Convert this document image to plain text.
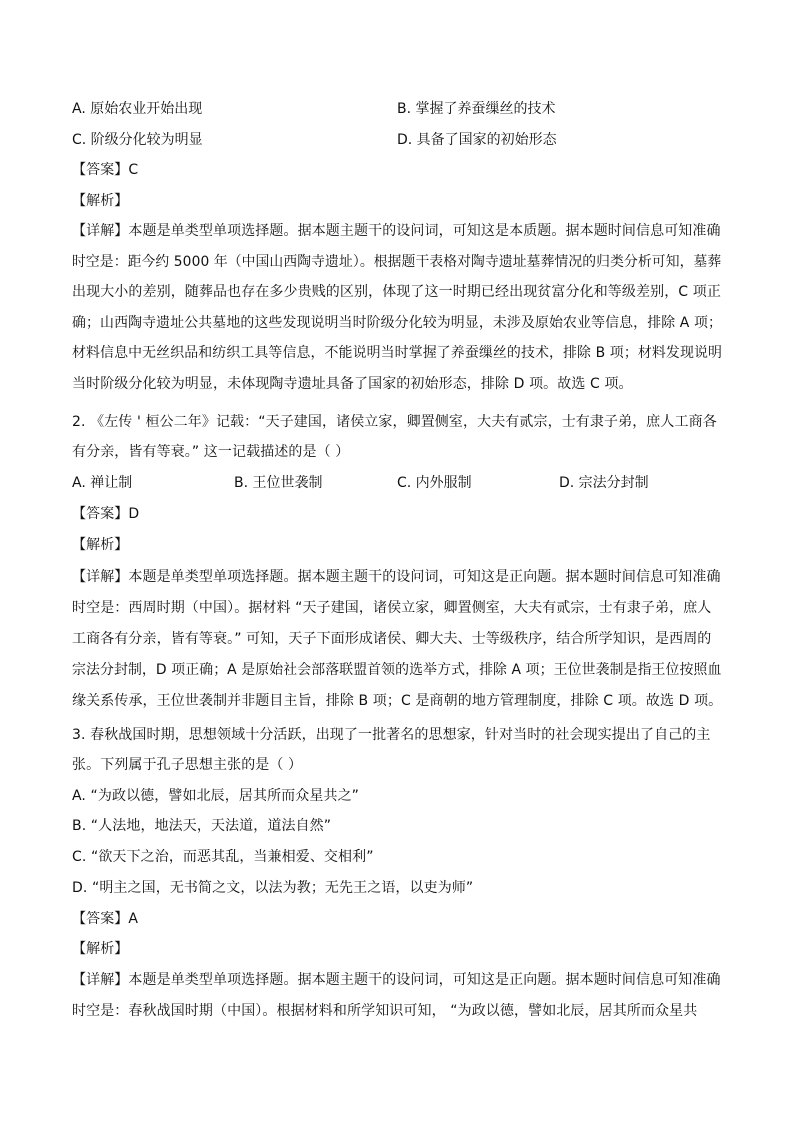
A. 原始农业开始出现	B. 掌握了养蚕缫丝的技术
C. 阶级分化较为明显	D. 具备了国家的初始形态
【答案】C
【解析】
【详解】本题是单类型单项选择题。据本题主题干的设问词，可知这是本质题。据本题时间信息可知准确
时空是：距今约 5000 年（中国山西陶寺遗址）。根据题干表格对陶寺遗址墓葬情况的归类分析可知，墓葬
出现大小的差别，随葬品也存在多少贵贱的区别，体现了这一时期已经出现贫富分化和等级差别，C 项正
确；山西陶寺遗址公共墓地的这些发现说明当时阶级分化较为明显，未涉及原始农业等信息，排除 A 项；
材料信息中无丝织品和纺织工具等信息，不能说明当时掌握了养蚕缫丝的技术，排除 B 项；材料发现说明
当时阶级分化较为明显，未体现陶寺遗址具备了国家的初始形态，排除 D 项。故选 C 项。
2. 《左传 ' 桓公二年》记载：“天子建国，诸侯立家，卿置侧室，大夫有贰宗，士有隶子弟，庶人工商各
有分亲，皆有等衰。” 这一记载描述的是（ ）
A. 禅让制	B. 王位世袭制	C. 内外服制	D. 宗法分封制
【答案】D
【解析】
【详解】本题是单类型单项选择题。据本题主题干的设问词，可知这是正向题。据本题时间信息可知准确
时空是：西周时期（中国）。据材料 “天子建国，诸侯立家，卿置侧室，大夫有贰宗，士有隶子弟，庶人
工商各有分亲，皆有等衰。” 可知，天子下面形成诸侯、卿大夫、士等级秩序，结合所学知识，是西周的
宗法分封制，D 项正确；A 是原始社会部落联盟首领的选举方式，排除 A 项；王位世袭制是指王位按照血
缘关系传承，王位世袭制并非题目主旨，排除 B 项；C 是商朝的地方管理制度，排除 C 项。故选 D 项。
3. 春秋战国时期，思想领域十分活跃，出现了一批著名的思想家，针对当时的社会现实提出了自己的主
张。下列属于孔子思想主张的是（ ）
A. “为政以德，譬如北辰，居其所而众星共之”
B. “人法地，地法天，天法道，道法自然”
C. “欲天下之治，而恶其乱，当兼相爱、交相利”
D. “明主之国，无书简之文，以法为教；无先王之语，以吏为师”
【答案】A
【解析】
【详解】本题是单类型单项选择题。据本题主题干的设问词，可知这是正向题。据本题时间信息可知准确
时空是：春秋战国时期（中国）。根据材料和所学知识可知， “为政以德，譬如北辰，居其所而众星共
